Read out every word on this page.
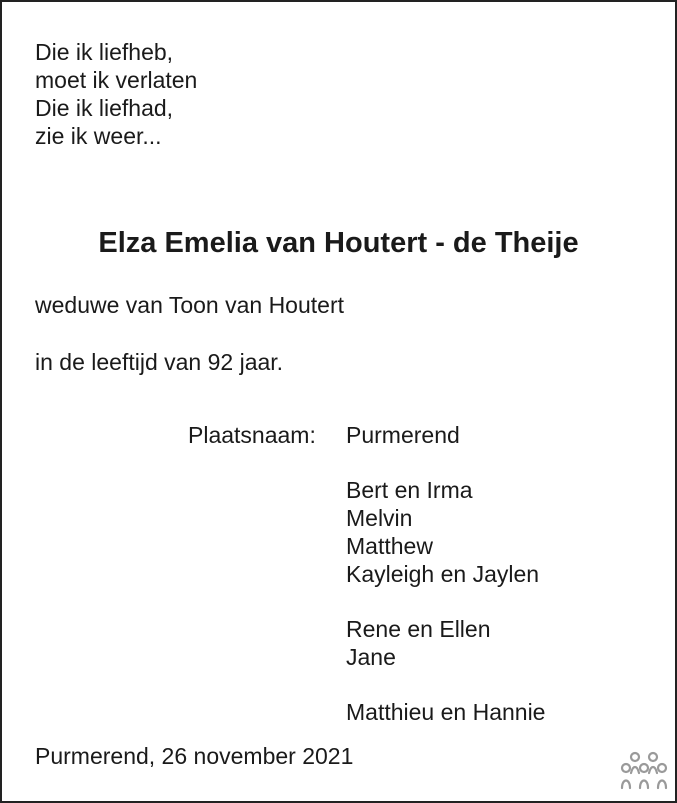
Die ik liefheb,
moet ik verlaten
Die ik liefhad,
zie ik weer...
Elza Emelia van Houtert - de Theije
weduwe van Toon van Houtert
in de leeftijd van 92 jaar.
Plaatsnaam: Purmerend
Bert en Irma
Melvin
Matthew
Kayleigh en Jaylen
Rene en Ellen
Jane
Matthieu en Hannie
Purmerend, 26 november 2021
